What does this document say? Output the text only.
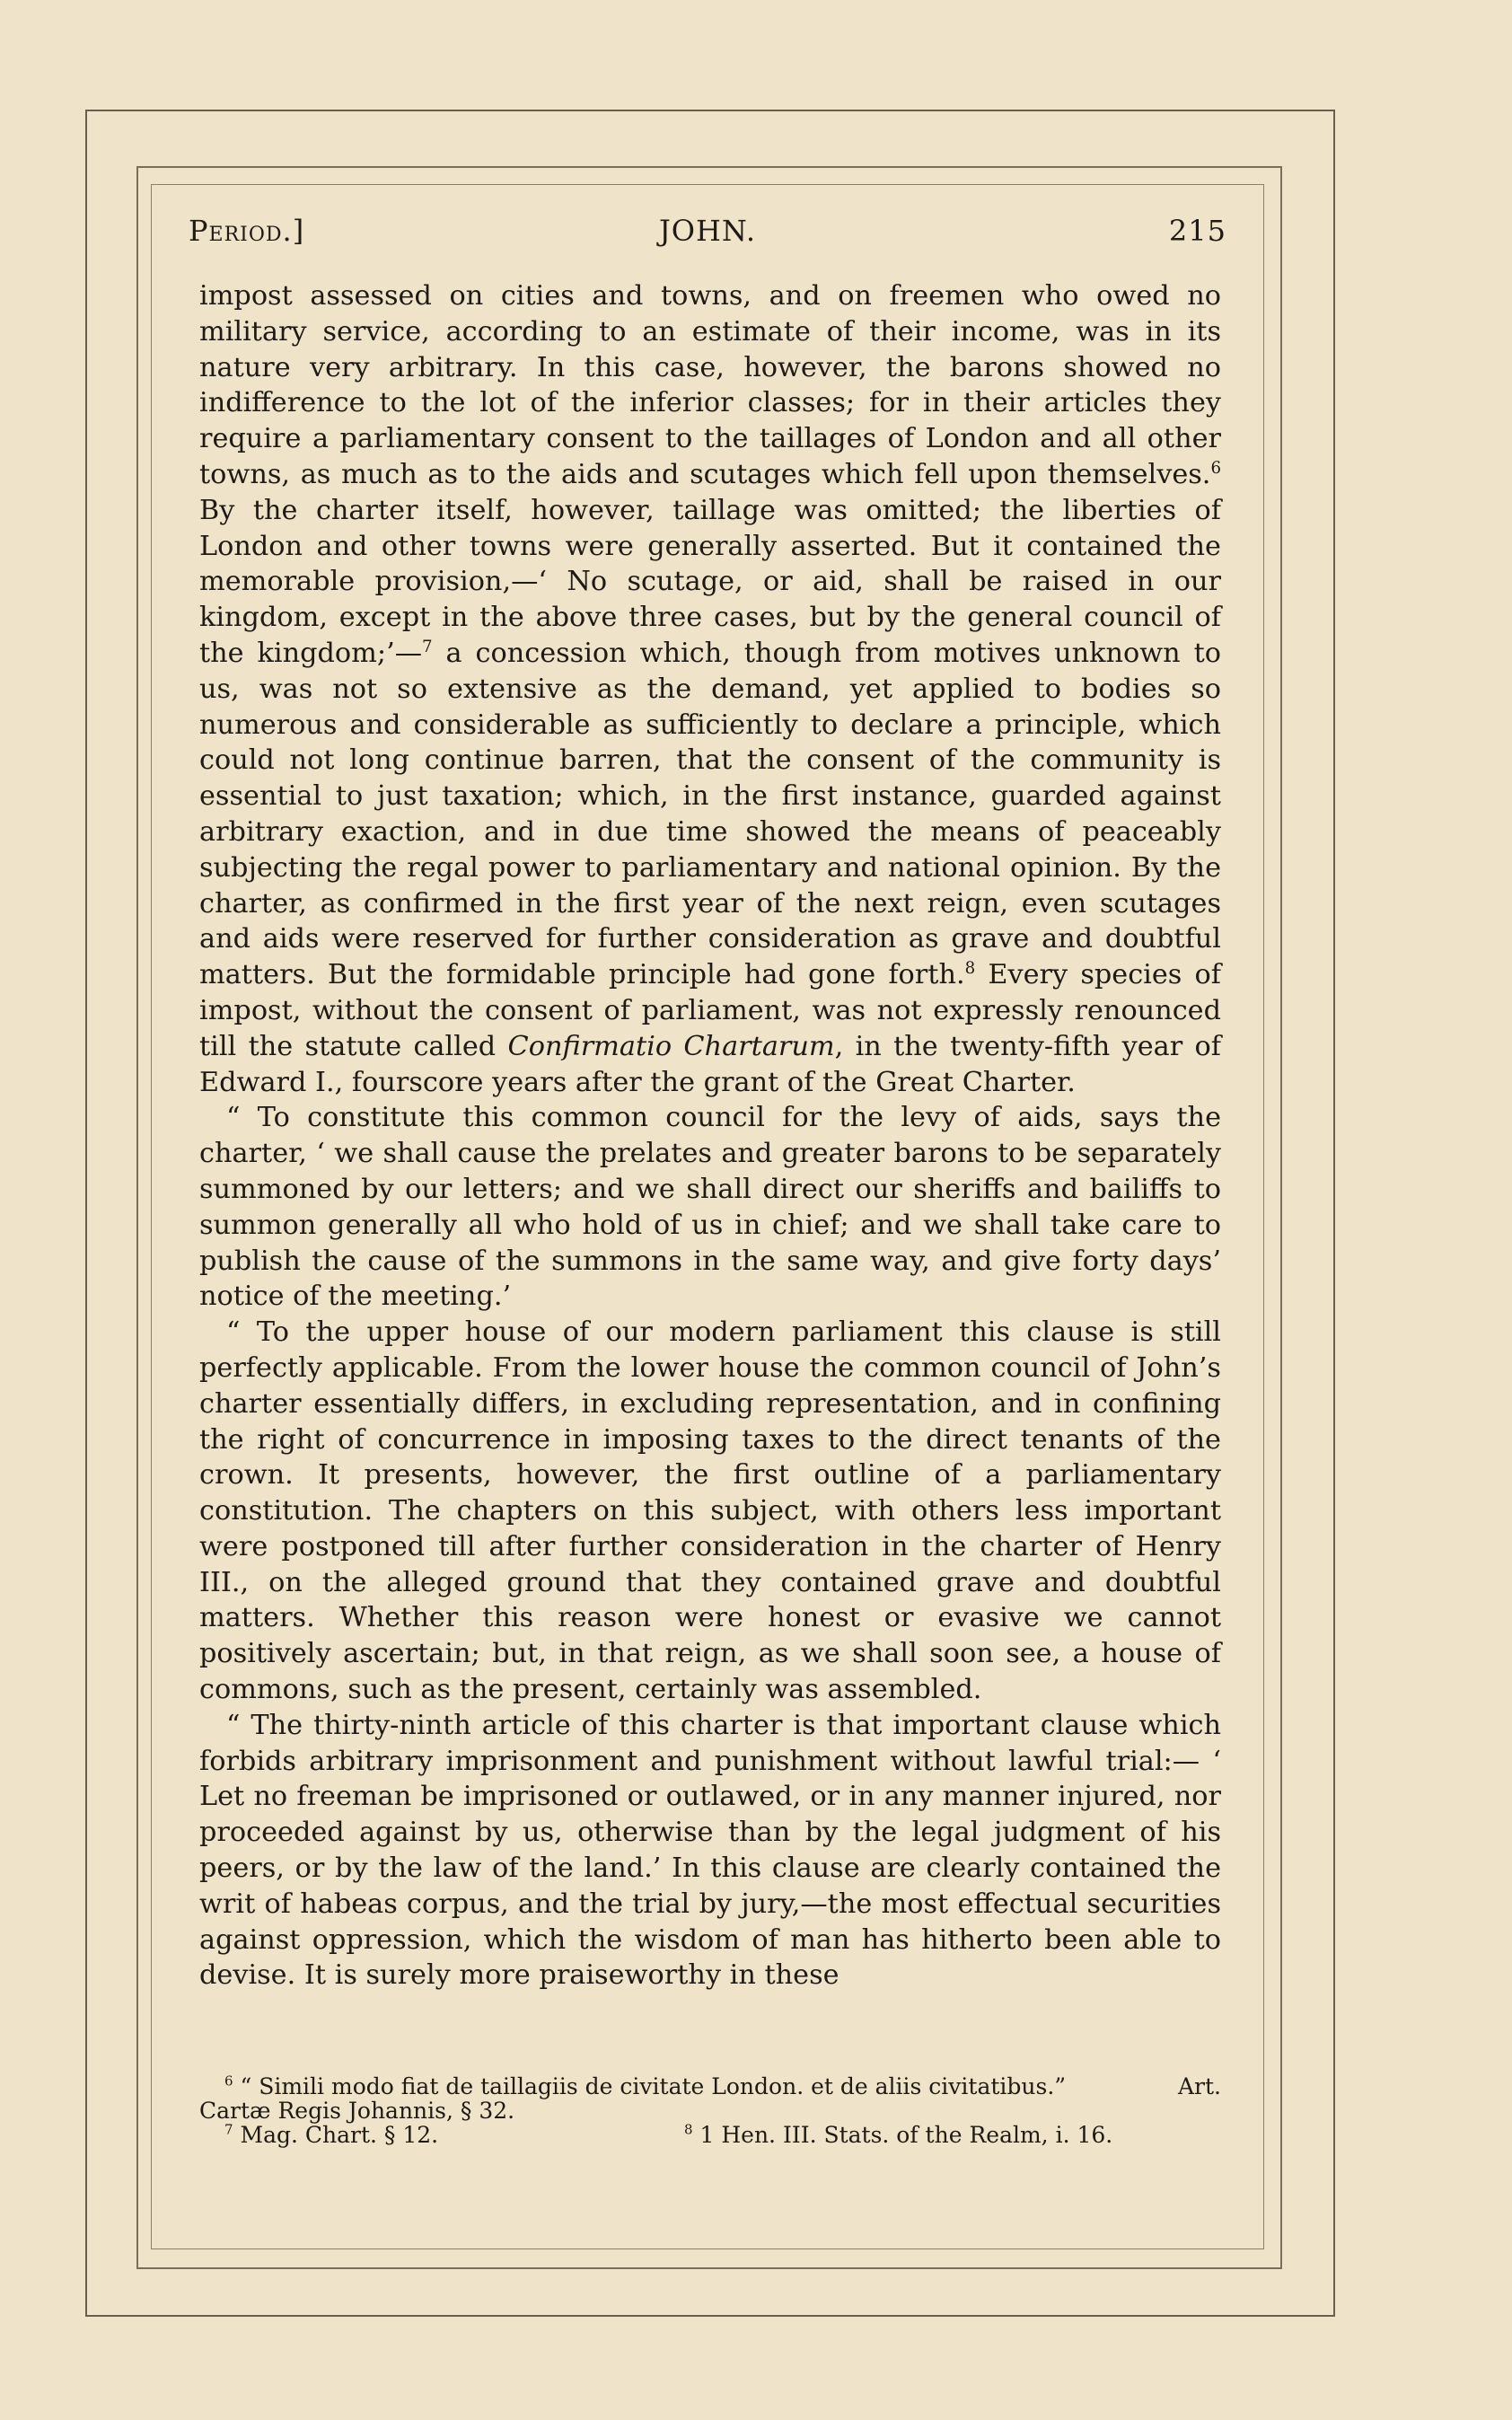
Period.]	JOHN.	215

impost assessed on cities and towns, and on freemen who owed no military service, according to an estimate of their income, was in its nature very arbitrary. In this case, however, the barons showed no indifference to the lot of the inferior classes; for in their articles they require a parliamentary consent to the taillages of London and all other towns, as much as to the aids and scutages which fell upon themselves.$^6$ By the charter itself, however, taillage was omitted; the liberties of London and other towns were generally asserted. But it contained the memorable provision,—‘ No scutage, or aid, shall be raised in our kingdom, except in the above three cases, but by the general council of the kingdom;’—$^7$ a concession which, though from motives unknown to us, was not so extensive as the demand, yet applied to bodies so numerous and considerable as sufficiently to declare a principle, which could not long continue barren, that the consent of the community is essential to just taxation; which, in the first instance, guarded against arbitrary exaction, and in due time showed the means of peaceably subjecting the regal power to parliamentary and national opinion. By the charter, as confirmed in the first year of the next reign, even scutages and aids were reserved for further consideration as grave and doubtful matters. But the formidable principle had gone forth.$^8$ Every species of impost, without the consent of parliament, was not expressly renounced till the statute called Confirmatio Chartarum, in the twenty-fifth year of Edward I., fourscore years after the grant of the Great Charter.

“ To constitute this common council for the levy of aids, says the charter, ‘ we shall cause the prelates and greater barons to be separately summoned by our letters; and we shall direct our sheriffs and bailiffs to summon generally all who hold of us in chief; and we shall take care to publish the cause of the summons in the same way, and give forty days’ notice of the meeting.’

“ To the upper house of our modern parliament this clause is still perfectly applicable. From the lower house the common council of John’s charter essentially differs, in excluding representation, and in confining the right of concurrence in imposing taxes to the direct tenants of the crown. It presents, however, the first outline of a parliamentary constitution. The chapters on this subject, with others less important were postponed till after further consideration in the charter of Henry III., on the alleged ground that they contained grave and doubtful matters. Whether this reason were honest or evasive we cannot positively ascertain; but, in that reign, as we shall soon see, a house of commons, such as the present, certainly was assembled.

“ The thirty-ninth article of this charter is that important clause which forbids arbitrary imprisonment and punishment without lawful trial:— ‘ Let no freeman be imprisoned or outlawed, or in any manner injured, nor proceeded against by us, otherwise than by the legal judgment of his peers, or by the law of the land.’ In this clause are clearly contained the writ of habeas corpus, and the trial by jury,—the most effectual securities against oppression, which the wisdom of man has hitherto been able to devise. It is surely more praiseworthy in these

$^6$ “ Simili modo fiat de taillagiis de civitate London. et de aliis civitatibus.”	Art.
Cartæ Regis Johannis, § 32.
$^7$ Mag. Chart. § 12.	$^8$ 1 Hen. III. Stats. of the Realm, i. 16.
